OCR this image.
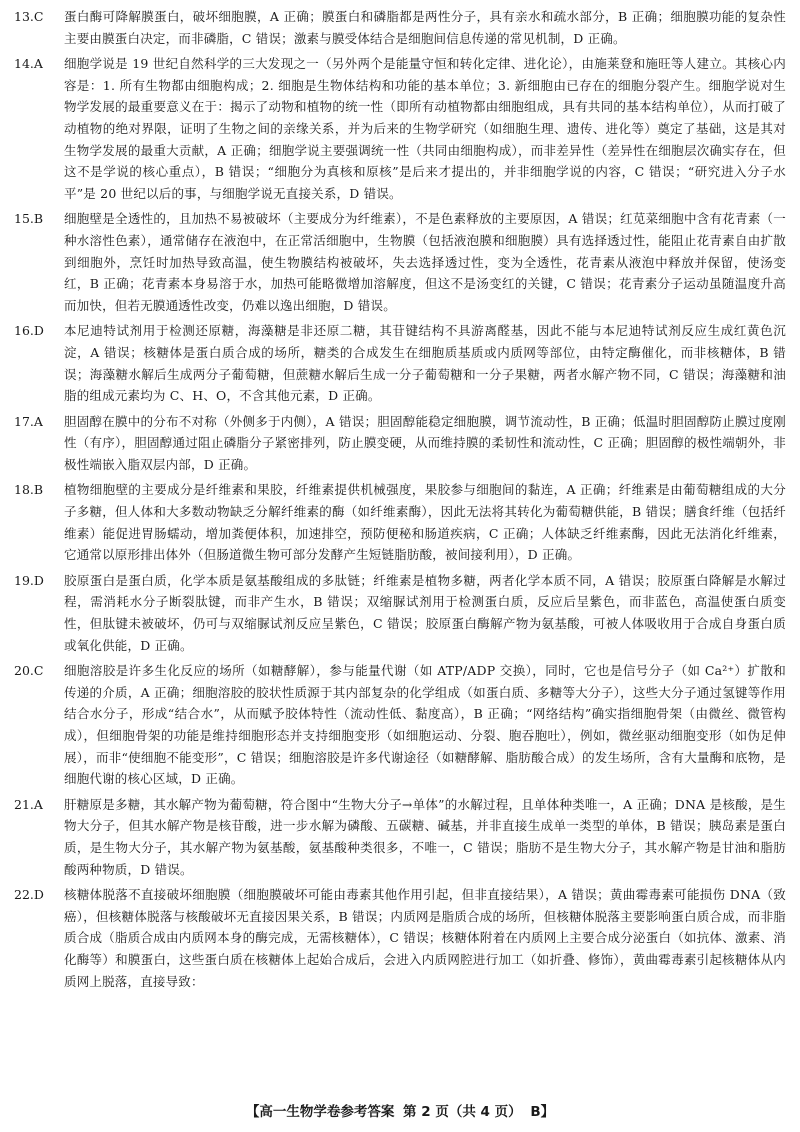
13.C	蛋白酶可降解膜蛋白，破坏细胞膜，A 正确；膜蛋白和磷脂都是两性分子，具有亲水和疏水部分，B 正确；细胞膜功能的复杂性主要由膜蛋白决定，而非磷脂，C 错误；激素与膜受体结合是细胞间信息传递的常见机制，D 正确。
14.A	细胞学说是 19 世纪自然科学的三大发现之一（另外两个是能量守恒和转化定律、进化论），由施莱登和施旺等人建立。其核心内容是：1. 所有生物都由细胞构成；2. 细胞是生物体结构和功能的基本单位；3. 新细胞由已存在的细胞分裂产生。细胞学说对生物学发展的最重要意义在于：揭示了动物和植物的统一性（即所有动植物都由细胞组成，具有共同的基本结构单位），从而打破了动植物的绝对界限，证明了生物之间的亲缘关系，并为后来的生物学研究（如细胞生理、遗传、进化等）奠定了基础，这是其对生物学发展的最重大贡献，A 正确；细胞学说主要强调统一性（共同由细胞构成），而非差异性（差异性在细胞层次确实存在，但这不是学说的核心重点），B 错误；“细胞分为真核和原核”是后来才提出的，并非细胞学说的内容，C 错误；“研究进入分子水平”是 20 世纪以后的事，与细胞学说无直接关系，D 错误。
15.B	细胞壁是全透性的，且加热不易被破坏（主要成分为纤维素），不是色素释放的主要原因，A 错误；红苋菜细胞中含有花青素（一种水溶性色素），通常储存在液泡中，在正常活细胞中，生物膜（包括液泡膜和细胞膜）具有选择透过性，能阻止花青素自由扩散到细胞外，烹饪时加热导致高温，使生物膜结构被破坏，失去选择透过性，变为全透性，花青素从液泡中释放并保留，使汤变红，B 正确；花青素本身易溶于水，加热可能略微增加溶解度，但这不是汤变红的关键，C 错误；花青素分子运动虽随温度升高而加快，但若无膜通透性改变，仍难以逸出细胞，D 错误。
16.D	本尼迪特试剂用于检测还原糖，海藻糖是非还原二糖，其苷键结构不具游离醛基，因此不能与本尼迪特试剂反应生成红黄色沉淀，A 错误；核糖体是蛋白质合成的场所，糖类的合成发生在细胞质基质或内质网等部位，由特定酶催化，而非核糖体，B 错误；海藻糖水解后生成两分子葡萄糖，但蔗糖水解后生成一分子葡萄糖和一分子果糖，两者水解产物不同，C 错误；海藻糖和油脂的组成元素均为 C、H、O，不含其他元素，D 正确。
17.A	胆固醇在膜中的分布不对称（外侧多于内侧），A 错误；胆固醇能稳定细胞膜，调节流动性，B 正确；低温时胆固醇防止膜过度刚性（有序），胆固醇通过阻止磷脂分子紧密排列，防止膜变硬，从而维持膜的柔韧性和流动性，C 正确；胆固醇的极性端朝外，非极性端嵌入脂双层内部，D 正确。
18.B	植物细胞壁的主要成分是纤维素和果胶，纤维素提供机械强度，果胶参与细胞间的黏连，A 正确；纤维素是由葡萄糖组成的大分子多糖，但人体和大多数动物缺乏分解纤维素的酶（如纤维素酶），因此无法将其转化为葡萄糖供能，B 错误；膳食纤维（包括纤维素）能促进胃肠蠕动，增加粪便体积，加速排空，预防便秘和肠道疾病，C 正确；人体缺乏纤维素酶，因此无法消化纤维素，它通常以原形排出体外（但肠道微生物可部分发酵产生短链脂肪酸，被间接利用），D 正确。
19.D	胶原蛋白是蛋白质，化学本质是氨基酸组成的多肽链；纤维素是植物多糖，两者化学本质不同，A 错误；胶原蛋白降解是水解过程，需消耗水分子断裂肽键，而非产生水，B 错误；双缩脲试剂用于检测蛋白质，反应后呈紫色，而非蓝色，高温使蛋白质变性，但肽键未被破坏，仍可与双缩脲试剂反应呈紫色，C 错误；胶原蛋白酶解产物为氨基酸，可被人体吸收用于合成自身蛋白质或氧化供能，D 正确。
20.C	细胞溶胶是许多生化反应的场所（如糖酵解），参与能量代谢（如 ATP/ADP 交换），同时，它也是信号分子（如 Ca²⁺）扩散和传递的介质，A 正确；细胞溶胶的胶状性质源于其内部复杂的化学组成（如蛋白质、多糖等大分子），这些大分子通过氢键等作用结合水分子，形成“结合水”，从而赋予胶体特性（流动性低、黏度高），B 正确；“网络结构”确实指细胞骨架（由微丝、微管构成），但细胞骨架的功能是维持细胞形态并支持细胞变形（如细胞运动、分裂、胞吞胞吐），例如，微丝驱动细胞变形（如伪足伸展），而非“使细胞不能变形”，C 错误；细胞溶胶是许多代谢途径（如糖酵解、脂肪酸合成）的发生场所，含有大量酶和底物，是细胞代谢的核心区域，D 正确。
21.A	肝糖原是多糖，其水解产物为葡萄糖，符合图中“生物大分子→单体”的水解过程，且单体种类唯一，A 正确；DNA 是核酸，是生物大分子，但其水解产物是核苷酸，进一步水解为磷酸、五碳糖、碱基，并非直接生成单一类型的单体，B 错误；胰岛素是蛋白质，是生物大分子，其水解产物为氨基酸，氨基酸种类很多，不唯一，C 错误；脂肪不是生物大分子，其水解产物是甘油和脂肪酸两种物质，D 错误。
22.D	核糖体脱落不直接破坏细胞膜（细胞膜破坏可能由毒素其他作用引起，但非直接结果），A 错误；黄曲霉毒素可能损伤 DNA（致癌），但核糖体脱落与核酸破坏无直接因果关系，B 错误；内质网是脂质合成的场所，但核糖体脱落主要影响蛋白质合成，而非脂质合成（脂质合成由内质网本身的酶完成，无需核糖体），C 错误；核糖体附着在内质网上主要合成分泌蛋白（如抗体、激素、消化酶等）和膜蛋白，这些蛋白质在核糖体上起始合成后，会进入内质网腔进行加工（如折叠、修饰），黄曲霉毒素引起核糖体从内质网上脱落，直接导致：
【高一生物学卷参考答案 第 2 页（共 4 页） B】
